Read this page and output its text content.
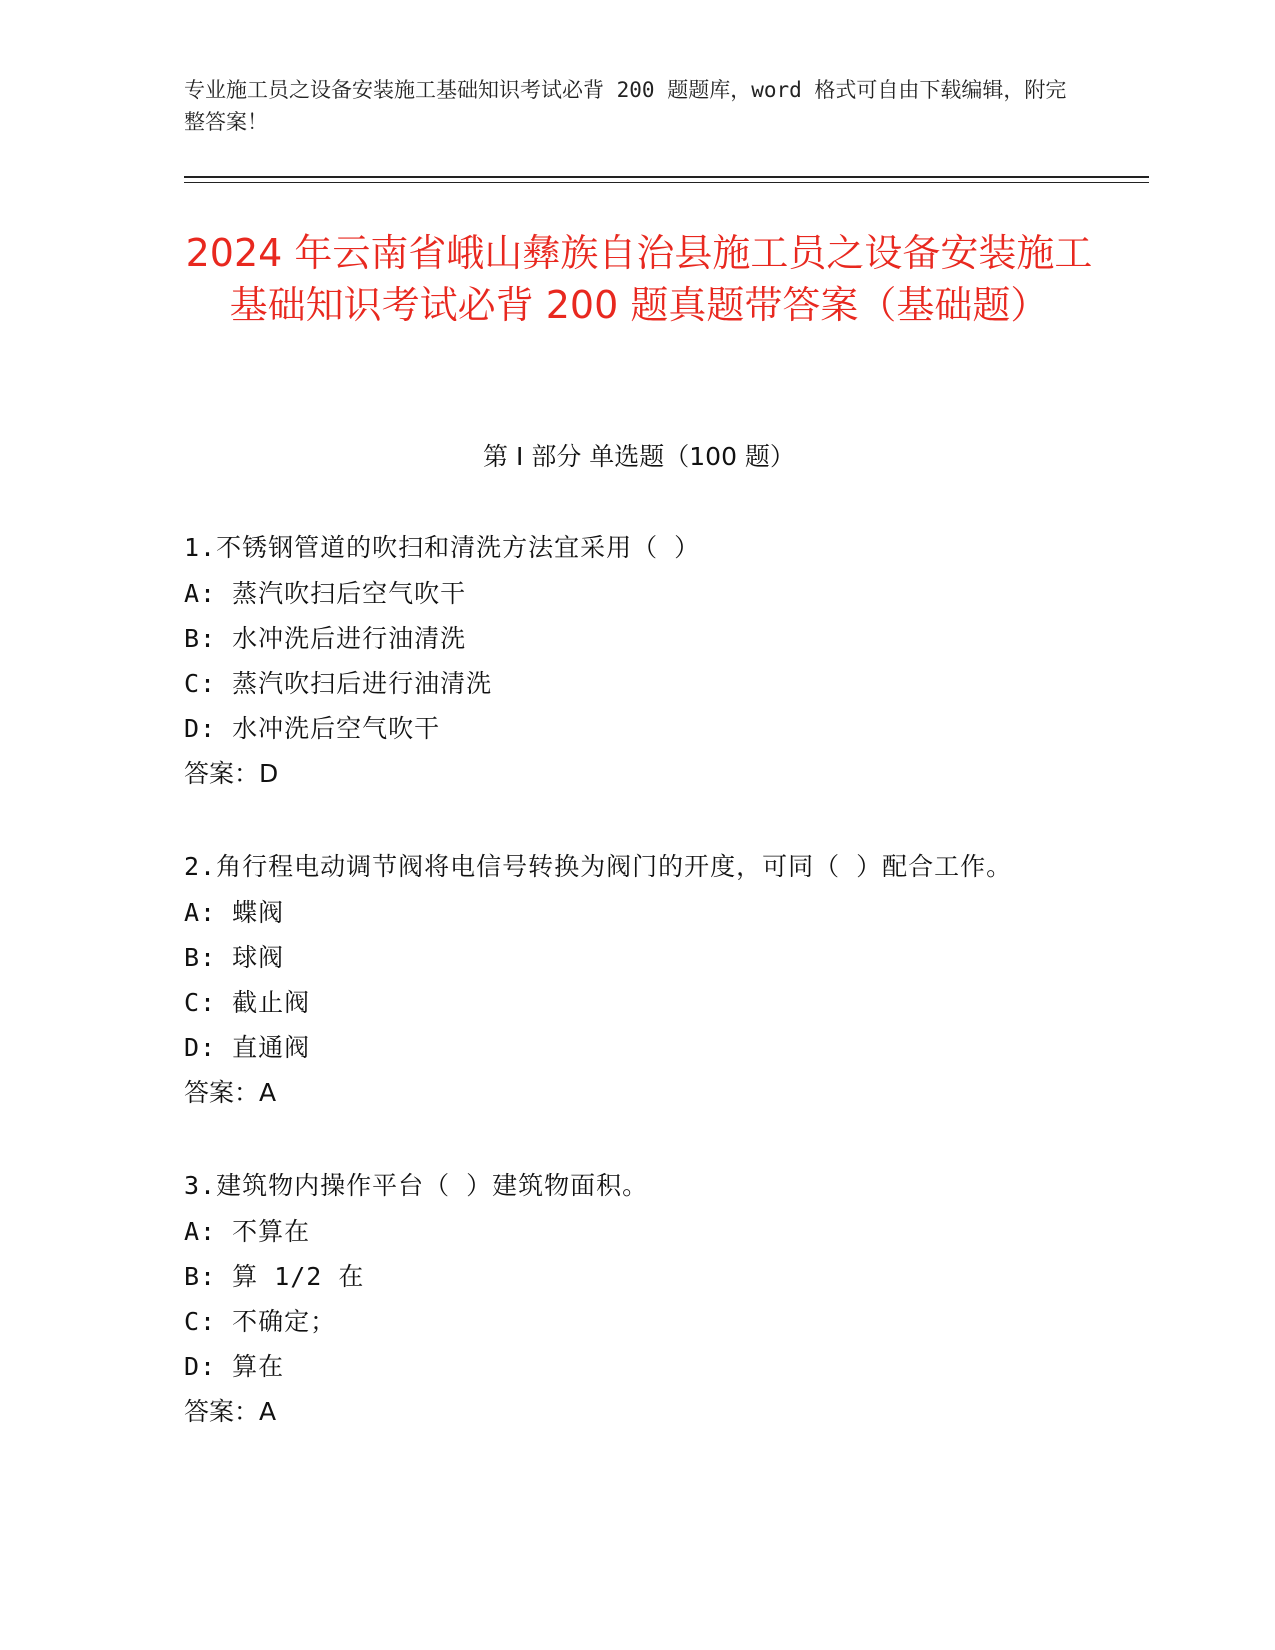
专业施工员之设备安装施工基础知识考试必背 200 题题库，word 格式可自由下载编辑，附完整答案！

2024 年云南省峨山彝族自治县施工员之设备安装施工基础知识考试必背 200 题真题带答案（基础题）
第 I 部分 单选题（100 题）

1.不锈钢管道的吹扫和清洗方法宜采用（ ）

A: 蒸汽吹扫后空气吹干

B: 水冲洗后进行油清洗

C: 蒸汽吹扫后进行油清洗

D: 水冲洗后空气吹干

答案：D

2.角行程电动调节阀将电信号转换为阀门的开度，可同（ ）配合工作。

A: 蝶阀

B: 球阀

C: 截止阀

D: 直通阀

答案：A

3.建筑物内操作平台（ ）建筑物面积。

A: 不算在

B: 算 1/2 在

C: 不确定；

D: 算在

答案：A
